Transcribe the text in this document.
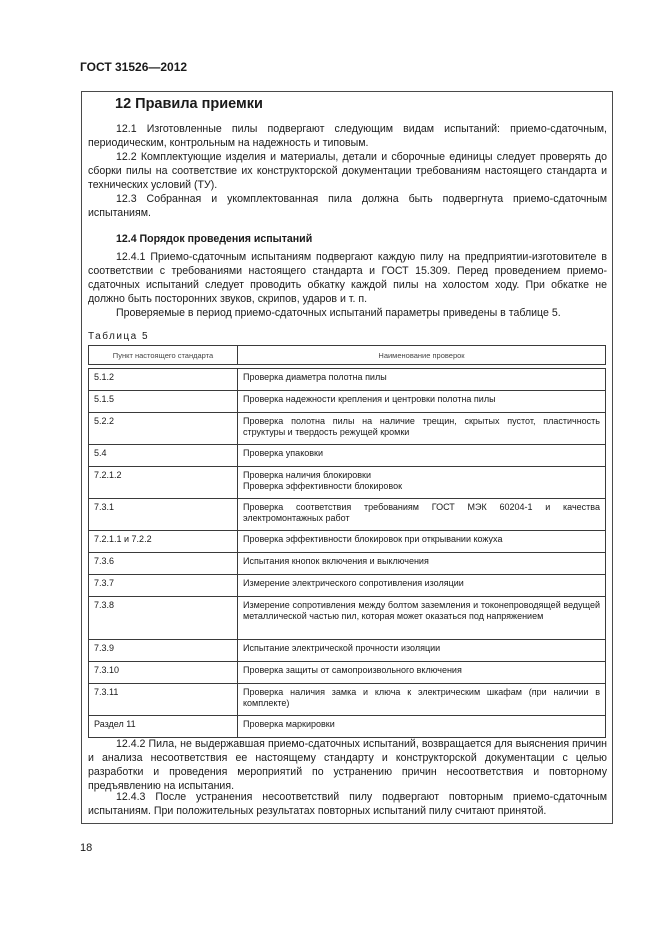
ГОСТ 31526—2012
12 Правила приемки

12.1 Изготовленные пилы подвергают следующим видам испытаний: приемо-сдаточным, периодическим, контрольным на надежность и типовым.

12.2 Комплектующие изделия и материалы, детали и сборочные единицы следует проверять до сборки пилы на соответствие их конструкторской документации требованиям настоящего стандарта и технических условий (ТУ).

12.3 Собранная и укомплектованная пила должна быть подвергнута приемо-сдаточным испытаниям.

12.4 Порядок проведения испытаний

12.4.1 Приемо-сдаточным испытаниям подвергают каждую пилу на предприятии-изготовителе в соответствии с требованиями настоящего стандарта и ГОСТ 15.309. Перед проведением приемо-сдаточных испытаний следует проводить обкатку каждой пилы на холостом ходу. При обкатке не должно быть посторонних звуков, скрипов, ударов и т. п.

Проверяемые в период приемо-сдаточных испытаний параметры приведены в таблице 5.

Таблица 5
Пункт настоящего стандарта	Наименование проверок

5.1.2	Проверка диаметра полотна пилы
5.1.5	Проверка надежности крепления и центровки полотна пилы
5.2.2	Проверка полотна пилы на наличие трещин, скрытых пустот, пластичность структуры и твердость режущей кромки
5.4	Проверка упаковки
7.2.1.2	Проверка наличия блокировки
Проверка эффективности блокировок
7.3.1	Проверка соответствия требованиям ГОСТ МЭК 60204-1 и качества электромонтажных работ
7.2.1.1 и 7.2.2	Проверка эффективности блокировок при открывании кожуха
7.3.6	Испытания кнопок включения и выключения
7.3.7	Измерение электрического сопротивления изоляции
7.3.8	Измерение сопротивления между болтом заземления и токонепроводящей ведущей металлической частью пил, которая может оказаться под напряжением
7.3.9	Испытание электрической прочности изоляции
7.3.10	Проверка защиты от самопроизвольного включения
7.3.11	Проверка наличия замка и ключа к электрическим шкафам (при наличии в комплекте)
Раздел 11	Проверка маркировки

12.4.2 Пила, не выдержавшая приемо-сдаточных испытаний, возвращается для выяснения причин и анализа несоответствия ее настоящему стандарту и конструкторской документации с целью разработки и проведения мероприятий по устранению причин несоответствия и повторному предъявлению на испытания.

12.4.3 После устранения несоответствий пилу подвергают повторным приемо-сдаточным испытаниям. При положительных результатах повторных испытаний пилу считают принятой.

18
